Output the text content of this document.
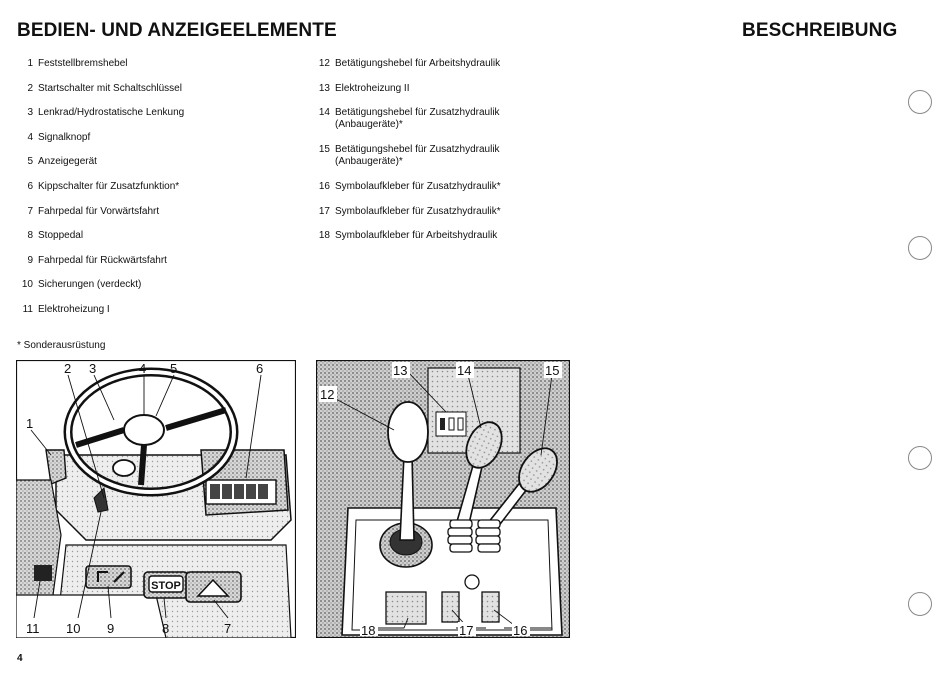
BEDIEN- UND ANZEIGEELEMENTE	BESCHREIBUNG
1 Feststellbremshebel
2 Startschalter mit Schaltschlüssel
3 Lenkrad/Hydrostatische Lenkung
4 Signalknopf
5 Anzeigegerät
6 Kippschalter für Zusatzfunktion*
7 Fahrpedal für Vorwärtsfahrt
8 Stoppedal
9 Fahrpedal für Rückwärtsfahrt
10 Sicherungen (verdeckt)
11 Elektroheizung I
12 Betätigungshebel für Arbeitshydraulik
13 Elektroheizung II
14 Betätigungshebel für Zusatzhydraulik
(Anbaugeräte)*
15 Betätigungshebel für Zusatzhydraulik
(Anbaugeräte)*
16 Symbolaufkleber für Zusatzhydraulik*
17 Symbolaufkleber für Zusatzhydraulik*
18 Symbolaufkleber für Arbeitshydraulik
* Sonderausrüstung
STOP
1
2 3	4 5	6
7
8
9
10
11
12
13	14	15
16
17
18
4
